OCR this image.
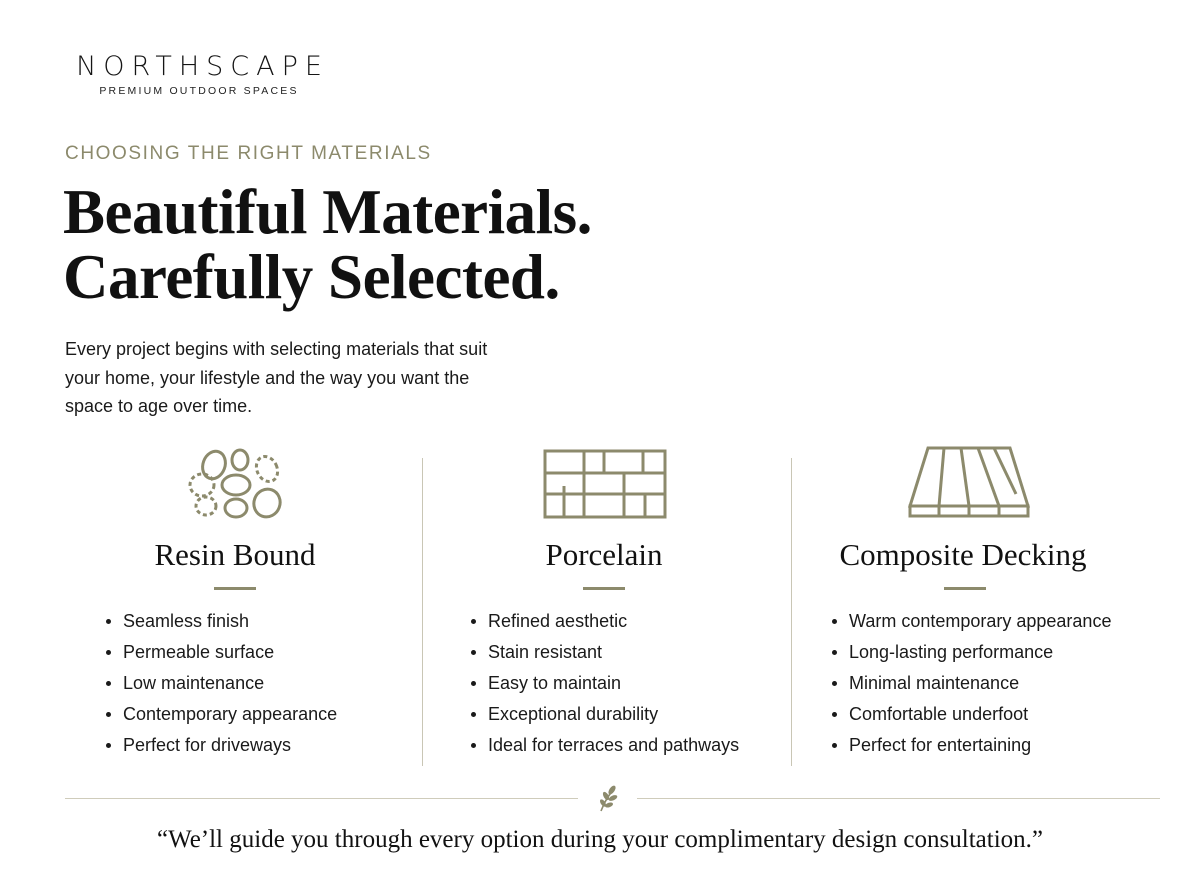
NORTHSCAPE
PREMIUM OUTDOOR SPACES
CHOOSING THE RIGHT MATERIALS
Beautiful Materials.
Carefully Selected.

Every project begins with selecting materials that suit your home, your lifestyle and the way you want the space to age over time.

Resin Bound
Seamless finish
Permeable surface
Low maintenance
Contemporary appearance
Perfect for driveways
Porcelain
Refined aesthetic
Stain resistant
Easy to maintain
Exceptional durability
Ideal for terraces and pathways
Composite Decking
Warm contemporary appearance
Long-lasting performance
Minimal maintenance
Comfortable underfoot
Perfect for entertaining
“We’ll guide you through every option during your complimentary design consultation.”
